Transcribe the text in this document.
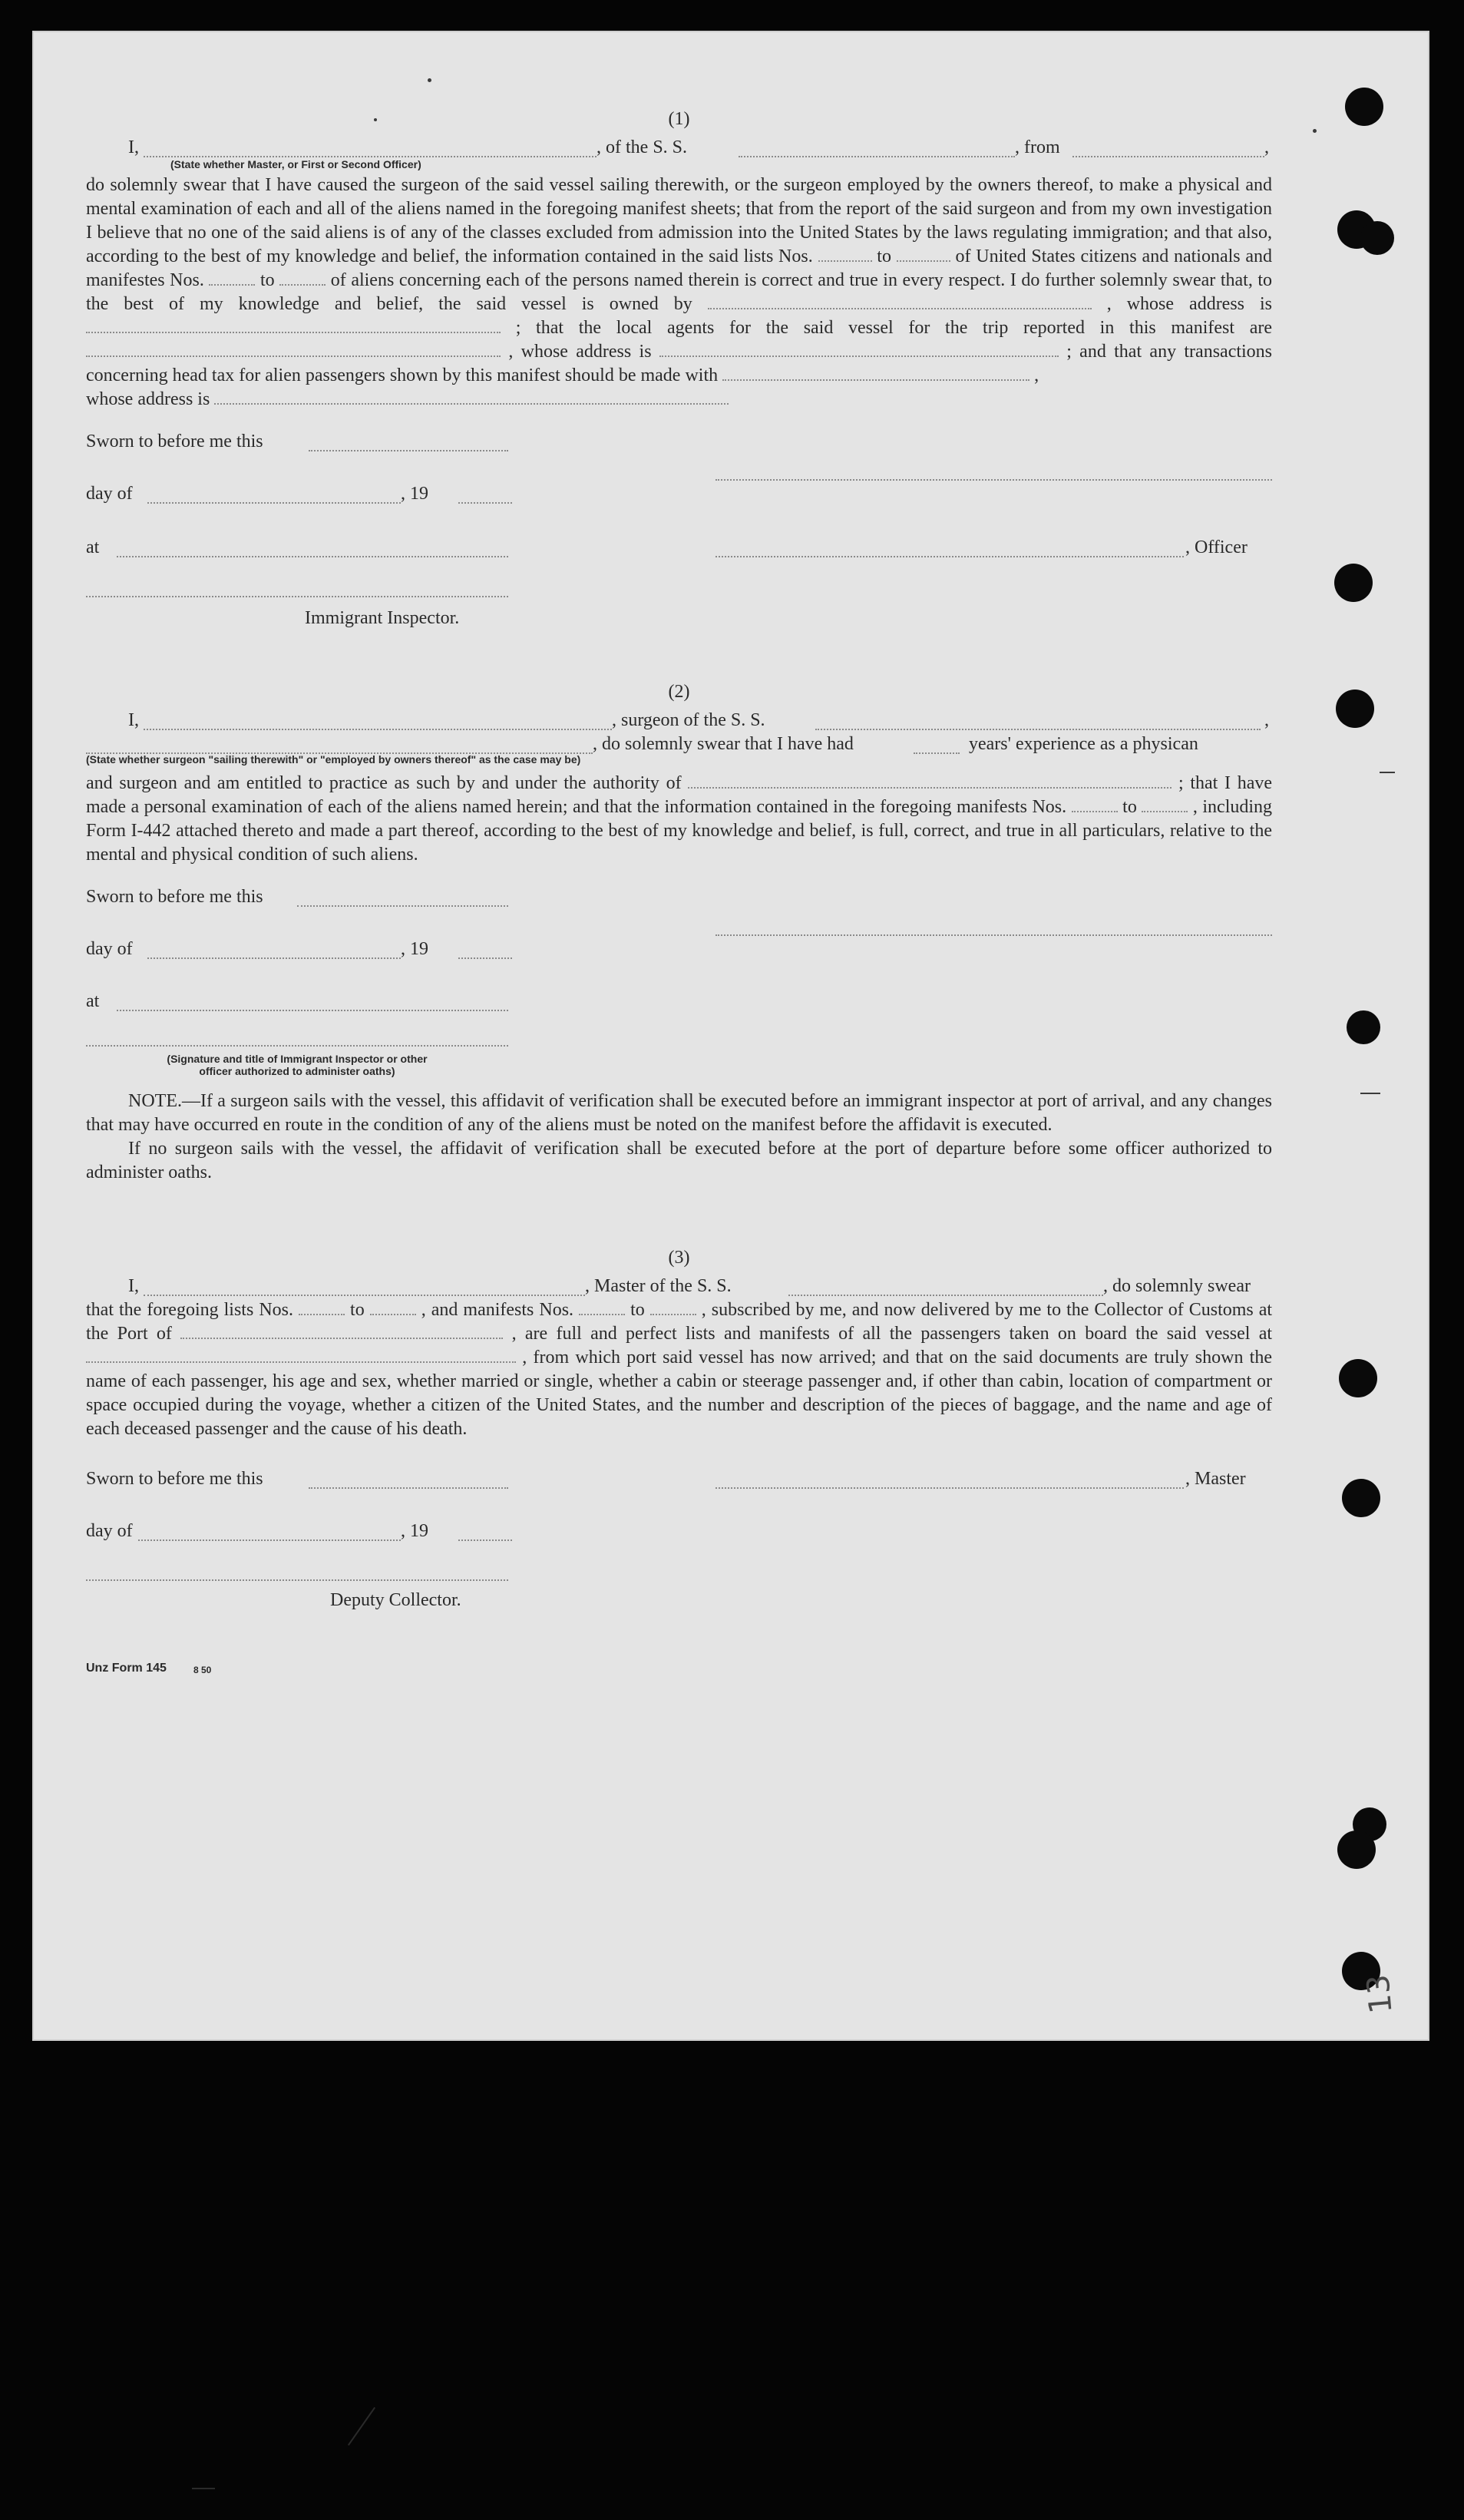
13
(1)
I,	, of the S. S.	, from	,
(State whether Master, or First or Second Officer)

do solemnly swear that I have caused the surgeon of the said vessel sailing therewith, or the surgeon employed by the owners thereof, to make a physical and mental examination of each and all of the aliens named in the foregoing manifest sheets; that from the report of the said surgeon and from my own investigation I believe that no one of the said aliens is of any of the classes excluded from admission into the United States by the laws regulating immigration; and that also, according to the best of my knowledge and belief, the information contained in the said lists Nos.	to	of United States citizens and nationals and manifestes Nos.	to	of aliens concerning each of the persons named therein is correct and true in every respect. I do further solemnly swear that, to the best of my knowledge and belief, the said vessel is owned by	, whose address is  ; that the local agents for the said vessel for the trip reported in this manifest are  , whose address is	; and that any transactions concerning head tax for alien passengers shown by this manifest should be made with	,
whose address is

Sworn to before me this
day of	, 19
at	, Officer
Immigrant Inspector.
(2)
I,	, surgeon of the S. S.	,
, do solemnly swear that I have had	years' experience as a physican
(State whether surgeon "sailing therewith" or "employed by owners thereof" as the case may be)

and surgeon and am entitled to practice as such by and under the authority of	; that I have made a personal examination of each of the aliens named herein; and that the information contained in the foregoing manifests Nos.	to	, including Form I-442 attached thereto and made a part thereof, according to the best of my knowledge and belief, is full, correct, and true in all particulars, relative to the mental and physical condition of such aliens.

Sworn to before me this
day of	, 19
at
(Signature and title of Immigrant Inspector or other
officer authorized to administer oaths)

NOTE.—If a surgeon sails with the vessel, this affidavit of verification shall be executed before an immigrant inspector at port of arrival, and any changes that may have occurred en route in the condition of any of the aliens must be noted on the manifest before the affidavit is executed.

If no surgeon sails with the vessel, the affidavit of verification shall be executed before at the port of departure before some officer authorized to administer oaths.

(3)
I,	, Master of the S. S.	, do solemnly swear

that the foregoing lists Nos.	to	, and manifests Nos.	to	, subscribed by me, and now delivered by me to the Collector of Customs at the Port of	, are full and perfect lists and manifests of all the passengers taken on board the said vessel at  , from which port said vessel has now arrived; and that on the said documents are truly shown the name of each passenger, his age and sex, whether married or single, whether a cabin or steerage passenger and, if other than cabin, location of compartment or space occupied during the voyage, whether a citizen of the United States, and the number and description of the pieces of baggage, and the name and age of each deceased passenger and the cause of his death.

Sworn to before me this	, Master
day of	, 19
Deputy Collector.
Unz Form 145	8 50
